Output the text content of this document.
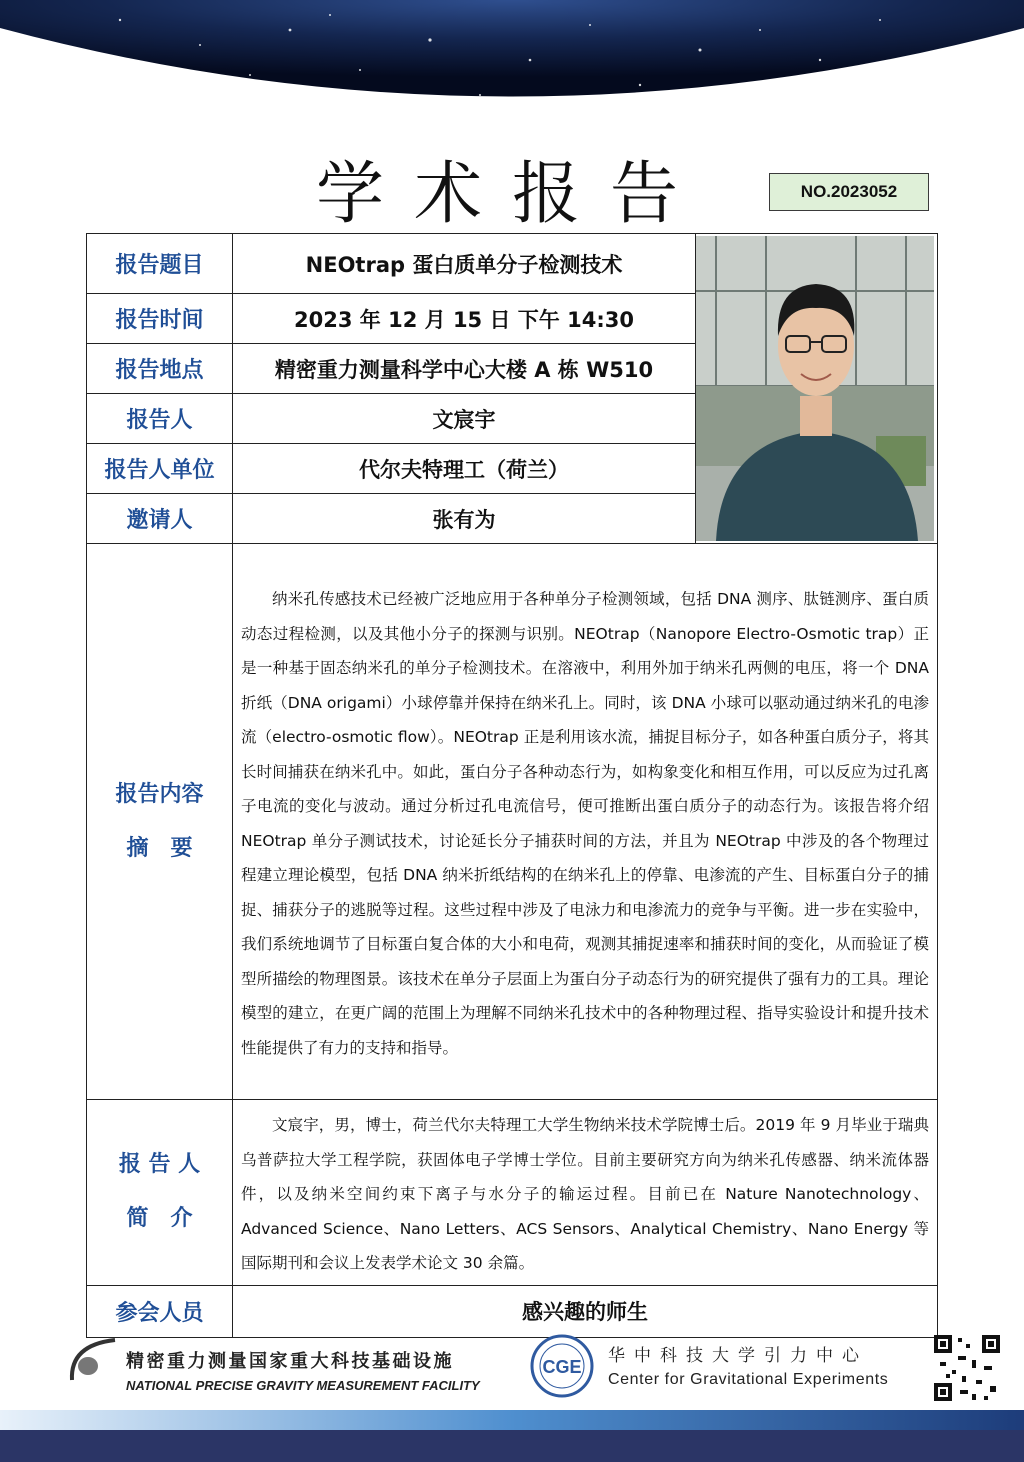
学术报告	NO.2023052
报告题目	NEOtrap 蛋白质单分子检测技术	

报告时间	2023 年 12 月 15 日 下午 14:30	
报告地点	精密重力测量科学中心大楼 A 栋 W510	
报告人	文宸宇	
报告人单位	代尔夫特理工（荷兰）	
邀请人	张有为	

报告内容
摘　要	纳米孔传感技术已经被广泛地应用于各种单分子检测领域，包括 DNA 测序、肽链测序、蛋白质动态过程检测，以及其他小分子的探测与识别。NEOtrap（Nanopore Electro-Osmotic trap）正是一种基于固态纳米孔的单分子检测技术。在溶液中，利用外加于纳米孔两侧的电压，将一个 DNA 折纸（DNA origami）小球停靠并保持在纳米孔上。同时，该 DNA 小球可以驱动通过纳米孔的电渗流（electro-osmotic flow）。NEOtrap 正是利用该水流，捕捉目标分子，如各种蛋白质分子，将其长时间捕获在纳米孔中。如此，蛋白分子各种动态行为，如构象变化和相互作用，可以反应为过孔离子电流的变化与波动。通过分析过孔电流信号，便可推断出蛋白质分子的动态行为。该报告将介绍 NEOtrap 单分子测试技术，讨论延长分子捕获时间的方法，并且为 NEOtrap 中涉及的各个物理过程建立理论模型，包括 DNA 纳米折纸结构的在纳米孔上的停靠、电渗流的产生、目标蛋白分子的捕捉、捕获分子的逃脱等过程。这些过程中涉及了电泳力和电渗流力的竞争与平衡。进一步在实验中，我们系统地调节了目标蛋白复合体的大小和电荷，观测其捕捉速率和捕获时间的变化，从而验证了模型所描绘的物理图景。该技术在单分子层面上为蛋白分子动态行为的研究提供了强有力的工具。理论模型的建立，在更广阔的范围上为理解不同纳米孔技术中的各种物理过程、指导实验设计和提升技术性能提供了有力的支持和指导。	

报 告 人
简　介	文宸宇，男，博士，荷兰代尔夫特理工大学生物纳米技术学院博士后。2019 年 9 月毕业于瑞典乌普萨拉大学工程学院，获固体电子学博士学位。目前主要研究方向为纳米孔传感器、纳米流体器件，以及纳米空间约束下离子与水分子的输运过程。目前已在 Nature Nanotechnology、Advanced Science、Nano Letters、ACS Sensors、Analytical Chemistry、Nano Energy 等国际期刊和会议上发表学术论文 30 余篇。	

参会人员	感兴趣的师生	
精密重力测量国家重大科技基础设施
NATIONAL PRECISE GRAVITY MEASUREMENT FACILITY
CGE
华中科技大学引力中心
Center for Gravitational Experiments
